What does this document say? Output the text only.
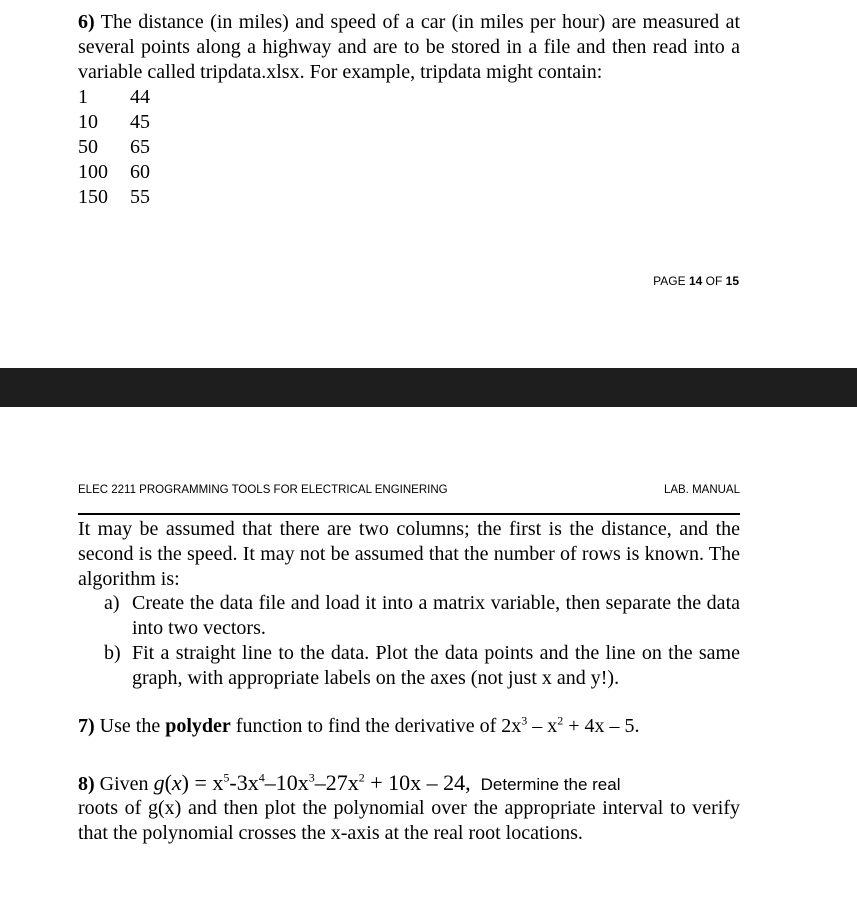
6) The distance (in miles) and speed of a car (in miles per hour) are measured at several points along a highway and are to be stored in a file and then read into a variable called tripdata.xlsx. For example, tripdata might contain:
1	44
10	45
50	65
100	60
150	55
PAGE 14 OF 15
ELEC 2211 PROGRAMMING TOOLS FOR ELECTRICAL ENGINERING	LAB. MANUAL
It may be assumed that there are two columns; the first is the distance, and the second is the speed. It may not be assumed that the number of rows is known. The algorithm is:
a) Create the data file and load it into a matrix variable, then separate the data into two vectors.
b) Fit a straight line to the data. Plot the data points and the line on the same graph, with appropriate labels on the axes (not just x and y!).
7) Use the polyder function to find the derivative of $2x^3 - x^2 + 4x - 5$.
8) Given $g(x) = x^5-3x^4-10x^3-27x^2 + 10x - 24$, Determine the real
roots of g(x) and then plot the polynomial over the appropriate interval to verify that the polynomial crosses the x-axis at the real root locations.
